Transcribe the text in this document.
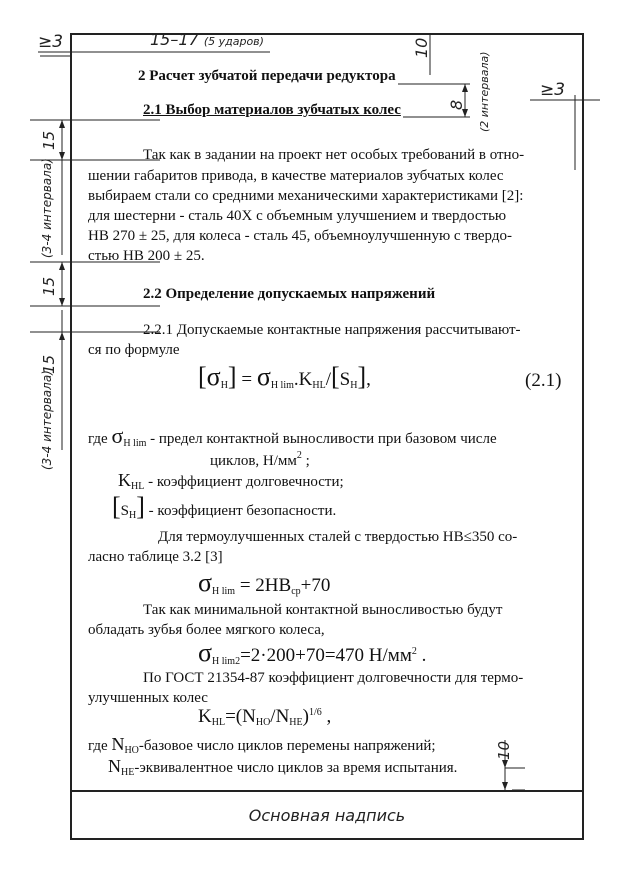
Основная надпись
≥3	15–17 (5 ударов)	10
8 (2 интервала)	≥3
15
(3-4 интервала)
15
15
(3-4 интервала)
10
2 Расчет зубчатой передачи редуктора
2.1 Выбор материалов зубчатых колес
Так как в задании на проект нет особых требований в отно-
шении габаритов привода, в качестве материалов зубчатых колес
выбираем стали со средними механическими характеристиками [2]:
для шестерни - сталь 40Х с объемным улучшением и твердостью
НВ 270 ± 25, для колеса - сталь 45, объемноулучшенную с твердо-
стью НВ 200 ± 25.
2.2 Определение допускаемых напряжений
2.2.1 Допускаемые контактные напряжения рассчитывают-
ся по формуле
$[\sigma_H] = \sigma_{H lim}.K_{HL}/[S_H]$,	(2.1)
где $\sigma_{H lim}$ - предел контактной выносливости при базовом числе
циклов, $Н/мм^2$ ;
$K_{HL}$ - коэффициент долговечности;
$[S_H]$ - коэффициент безопасности.
Для термоулучшенных сталей с твердостью НВ≤350 со-
ласно таблице 3.2 [3]
$\sigma_{H lim} = 2HB_{ср}+70$
Так как минимальной контактной выносливостью будут
обладать зубья более мягкого колеса,
$\sigma_{H lim2}=2\cdot 200+70=470$ $Н/мм^2$ .
По ГОСТ 21354-87 коэффициент долговечности для термо-
улучшенных колес
$K_{HL}=(N_{HO}/N_{HE})^{1/6}$ ,
где $N_{HO}$-базовое число циклов перемены напряжений;
$N_{HE}$-эквивалентное число циклов за время испытания.
